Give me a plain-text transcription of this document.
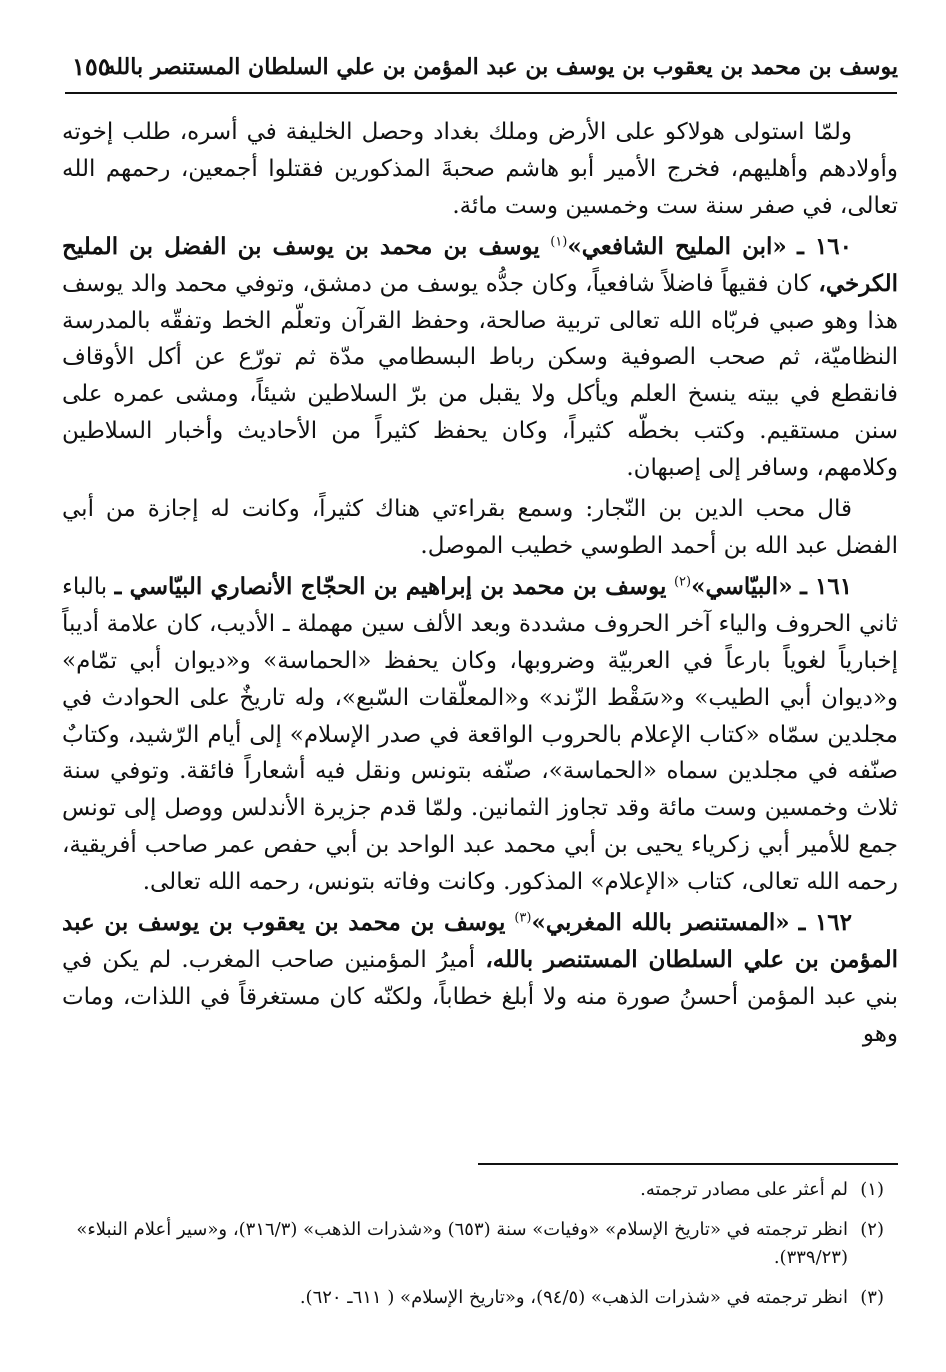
١٥٥
يوسف بن محمد بن يعقوب بن يوسف بن عبد المؤمن بن علي السلطان المستنصر بالله

ولمّا استولى هولاكو على الأرض وملك بغداد وحصل الخليفة في أسره، طلب إخوته وأولادهم وأهليهم، فخرج الأمير أبو هاشم صحبةَ المذكورين فقتلوا أجمعين، رحمهم الله تعالى، في صفر سنة ست وخمسين وست مائة.

١٦٠ ـ «ابن المليح الشافعي»$^{(١)}$ يوسف بن محمد بن يوسف بن الفضل بن المليح الكرخي، كان فقيهاً فاضلاً شافعياً، وكان جدُّه يوسف من دمشق، وتوفي محمد والد يوسف هذا وهو صبي فربّاه الله تعالى تربية صالحة، وحفظ القرآن وتعلّم الخط وتفقّه بالمدرسة النظاميّة، ثم صحب الصوفية وسكن رباط البسطامي مدّة ثم تورّع عن أكل الأوقاف فانقطع في بيته ينسخ العلم ويأكل ولا يقبل من برّ السلاطين شيئاً، ومشى عمره على سنن مستقيم. وكتب بخطّه كثيراً، وكان يحفظ كثيراً من الأحاديث وأخبار السلاطين وكلامهم، وسافر إلى إصبهان.

قال محب الدين بن النّجار: وسمع بقراءتي هناك كثيراً، وكانت له إجازة من أبي الفضل عبد الله بن أحمد الطوسي خطيب الموصل.

١٦١ ـ «البيّاسي»$^{(٢)}$ يوسف بن محمد بن إبراهيم بن الحجّاج الأنصاري البيّاسي ـ بالباء ثاني الحروف والياء آخر الحروف مشددة وبعد الألف سين مهملة ـ الأديب، كان علامة أديباً إخبارياً لغوياً بارعاً في العربيّة وضروبها، وكان يحفظ «الحماسة» و«ديوان أبي تمّام» و«ديوان أبي الطيب» و«سَقْط الزّند» و«المعلّقات السّبع»، وله تاريخٌ على الحوادث في مجلدين سمّاه «كتاب الإعلام بالحروب الواقعة في صدر الإسلام» إلى أيام الرّشيد، وكتابٌ صنّفه في مجلدين سماه «الحماسة»، صنّفه بتونس ونقل فيه أشعاراً فائقة. وتوفي سنة ثلاث وخمسين وست مائة وقد تجاوز الثمانين. ولمّا قدم جزيرة الأندلس ووصل إلى تونس جمع للأمير أبي زكرياء يحيى بن أبي محمد عبد الواحد بن أبي حفص عمر صاحب أفريقية، رحمه الله تعالى، كتاب «الإعلام» المذكور. وكانت وفاته بتونس، رحمه الله تعالى.

١٦٢ ـ «المستنصر بالله المغربي»$^{(٣)}$ يوسف بن محمد بن يعقوب بن يوسف بن عبد المؤمن بن علي السلطان المستنصر بالله، أميرُ المؤمنين صاحب المغرب. لم يكن في بني عبد المؤمن أحسنُ صورة منه ولا أبلغ خطاباً، ولكنّه كان مستغرقاً في اللذات، ومات وهو

(١)
لم أعثر على مصادر ترجمته.
(٢)
انظر ترجمته في «تاريخ الإسلام» «وفيات» سنة (٦٥٣) و«شذرات الذهب» (٣١٦/٣)، و«سير أعلام النبلاء» (٣٣٩/٢٣).
(٣)
انظر ترجمته في «شذرات الذهب» (٩٤/٥)، و«تاريخ الإسلام» ( ٦١١ـ ٦٢٠).
